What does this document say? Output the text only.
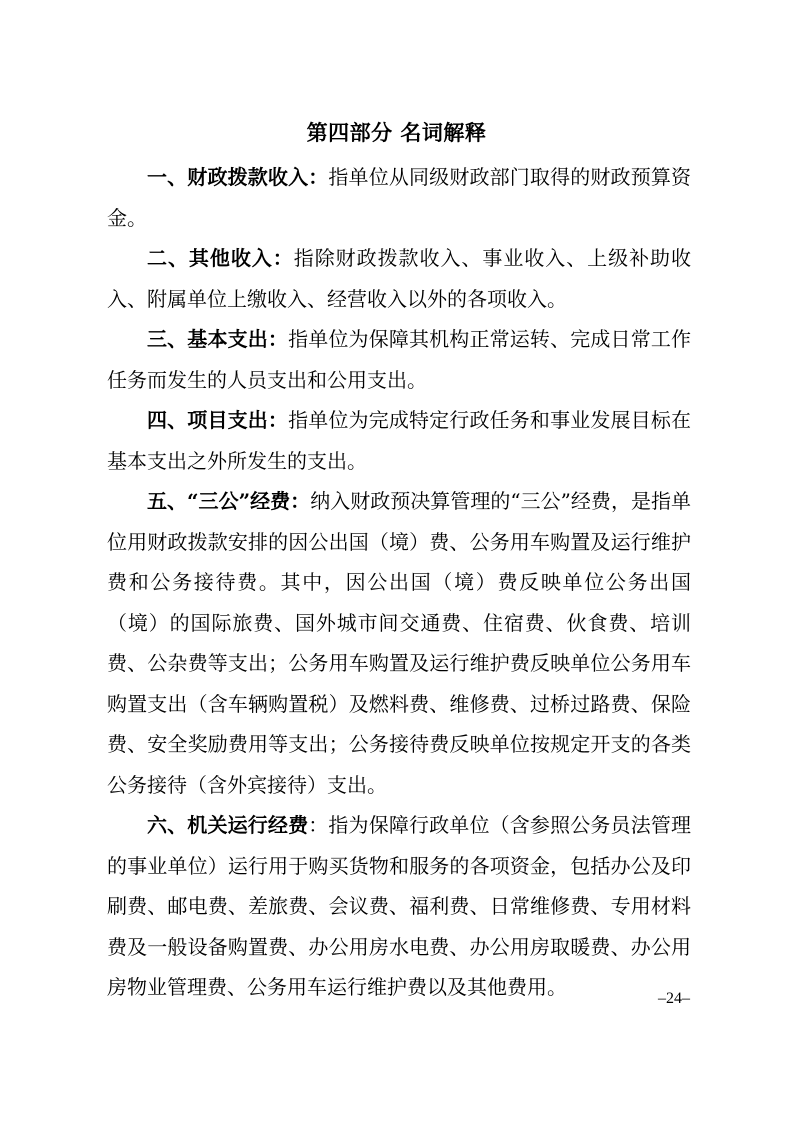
第四部分 名词解释

一、财政拨款收入：指单位从同级财政部门取得的财政预算资金。

二、其他收入：指除财政拨款收入、事业收入、上级补助收入、附属单位上缴收入、经营收入以外的各项收入。

三、基本支出：指单位为保障其机构正常运转、完成日常工作任务而发生的人员支出和公用支出。

四、项目支出：指单位为完成特定行政任务和事业发展目标在基本支出之外所发生的支出。

五、“三公”经费：纳入财政预决算管理的“三公”经费，是指单位用财政拨款安排的因公出国（境）费、公务用车购置及运行维护费和公务接待费。其中，因公出国（境）费反映单位公务出国（境）的国际旅费、国外城市间交通费、住宿费、伙食费、培训费、公杂费等支出；公务用车购置及运行维护费反映单位公务用车购置支出（含车辆购置税）及燃料费、维修费、过桥过路费、保险费、安全奖励费用等支出；公务接待费反映单位按规定开支的各类公务接待（含外宾接待）支出。

六、机关运行经费：指为保障行政单位（含参照公务员法管理的事业单位）运行用于购买货物和服务的各项资金，包括办公及印刷费、邮电费、差旅费、会议费、福利费、日常维修费、专用材料费及一般设备购置费、办公用房水电费、办公用房取暖费、办公用房物业管理费、公务用车运行维护费以及其他费用。	–24–
